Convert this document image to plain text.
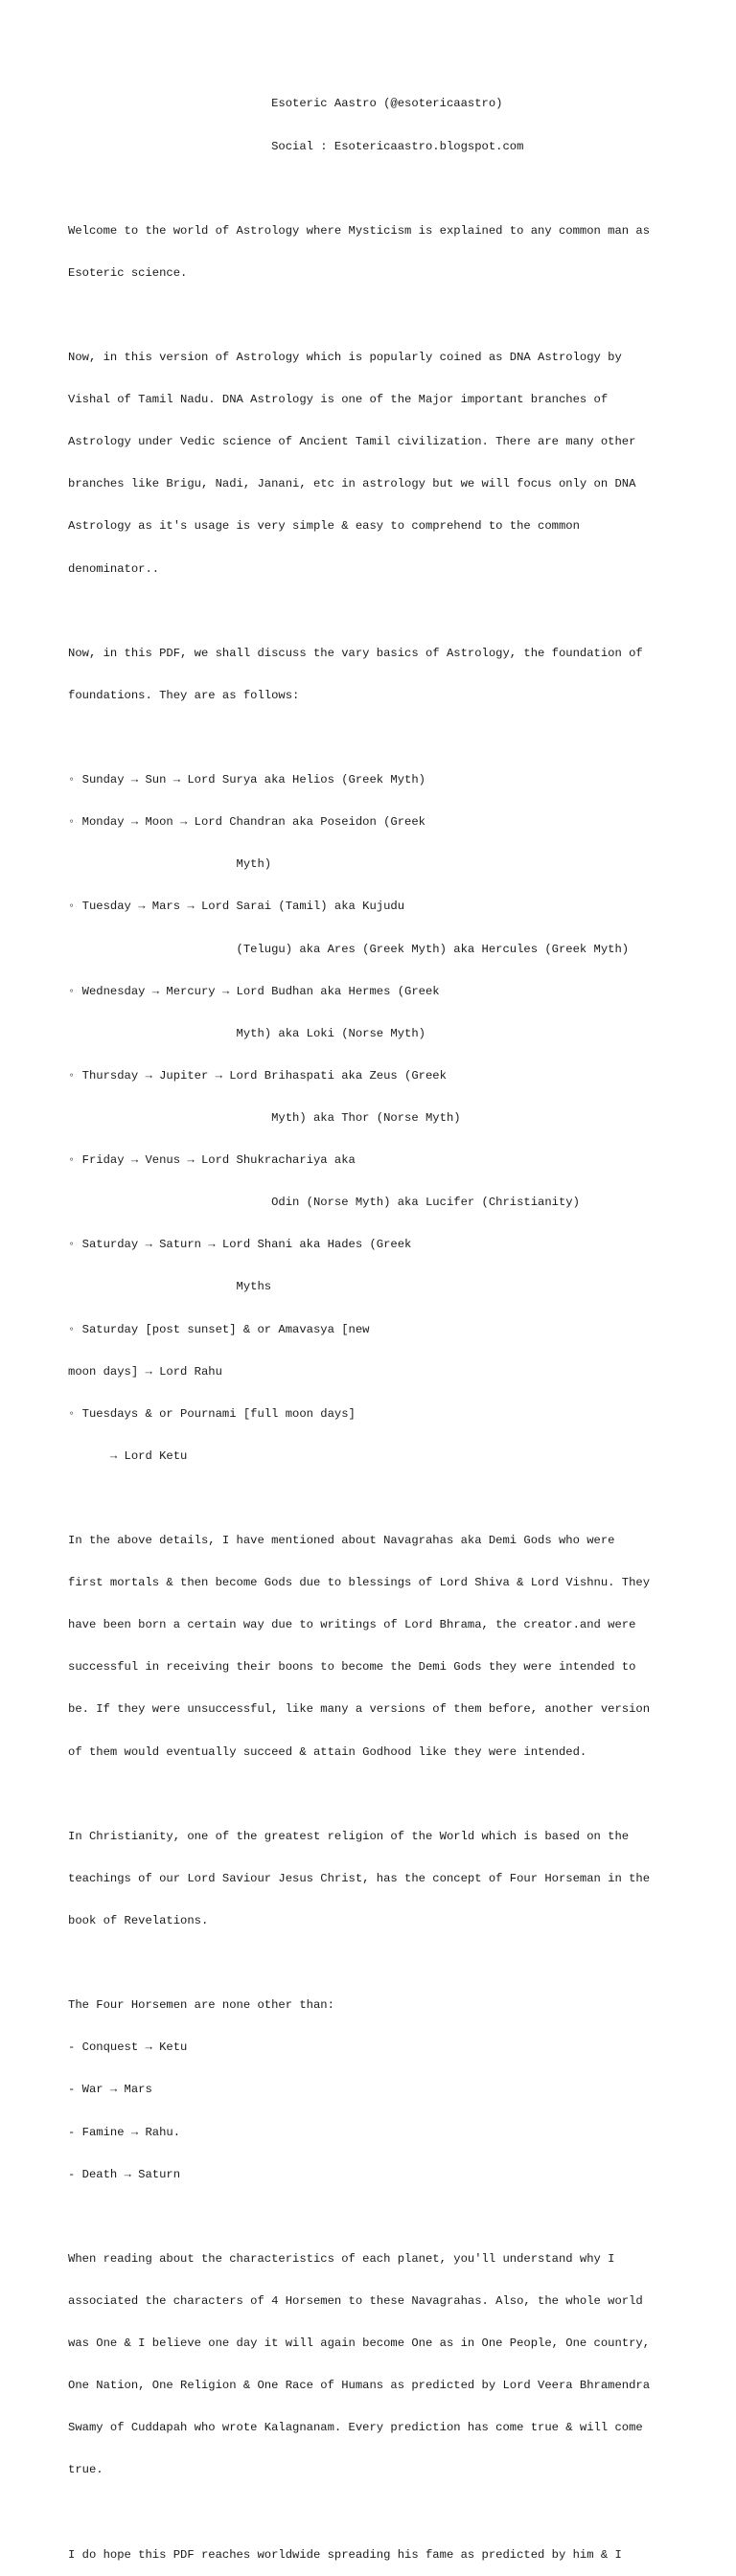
Esoteric Aastro (@esotericaastro)

Social : Esotericaastro.blogspot.com

Welcome to the world of Astrology where Mysticism is explained to any common man as

Esoteric science.

Now, in this version of Astrology which is popularly coined as DNA Astrology by

Vishal of Tamil Nadu. DNA Astrology is one of the Major important branches of

Astrology under Vedic science of Ancient Tamil civilization. There are many other

branches like Brigu, Nadi, Janani, etc in astrology but we will focus only on DNA

Astrology as it's usage is very simple & easy to comprehend to the common

denominator..

Now, in this PDF, we shall discuss the vary basics of Astrology, the foundation of

foundations. They are as follows:

◦ Sunday → Sun → Lord Surya aka Helios (Greek Myth)

◦ Monday → Moon → Lord Chandran aka Poseidon (Greek

Myth)

◦ Tuesday → Mars → Lord Sarai (Tamil) aka Kujudu

(Telugu) aka Ares (Greek Myth) aka Hercules (Greek Myth)

◦ Wednesday → Mercury → Lord Budhan aka Hermes (Greek

Myth) aka Loki (Norse Myth)

◦ Thursday → Jupiter → Lord Brihaspati aka Zeus (Greek

Myth) aka Thor (Norse Myth)

◦ Friday → Venus → Lord Shukrachariya aka

Odin (Norse Myth) aka Lucifer (Christianity)

◦ Saturday → Saturn → Lord Shani aka Hades (Greek

Myths

◦ Saturday [post sunset] & or Amavasya [new

moon days] → Lord Rahu

◦ Tuesdays & or Pournami [full moon days]

→ Lord Ketu

In the above details, I have mentioned about Navagrahas aka Demi Gods who were

first mortals & then become Gods due to blessings of Lord Shiva & Lord Vishnu. They

have been born a certain way due to writings of Lord Bhrama, the creator.and were

successful in receiving their boons to become the Demi Gods they were intended to

be. If they were unsuccessful, like many a versions of them before, another version

of them would eventually succeed & attain Godhood like they were intended.

In Christianity, one of the greatest religion of the World which is based on the

teachings of our Lord Saviour Jesus Christ, has the concept of Four Horseman in the

book of Revelations.

The Four Horsemen are none other than:

- Conquest → Ketu

- War → Mars

- Famine → Rahu.

- Death → Saturn

When reading about the characteristics of each planet, you'll understand why I

associated the characters of 4 Horsemen to these Navagrahas. Also, the whole world

was One & I believe one day it will again become One as in One People, One country,

One Nation, One Religion & One Race of Humans as predicted by Lord Veera Bhramendra

Swamy of Cuddapah who wrote Kalagnanam. Every prediction has come true & will come

true.

I do hope this PDF reaches worldwide spreading his fame as predicted by him & I
